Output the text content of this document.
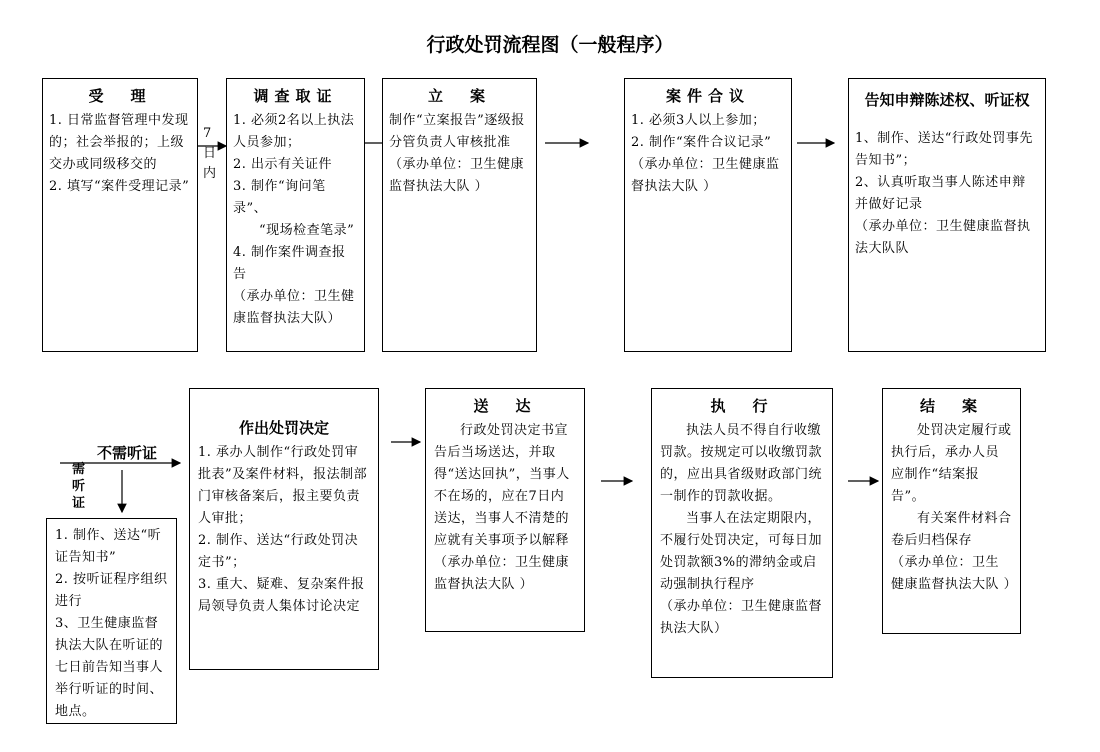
行政处罚流程图（一般程序）
受　理
1. 日常监督管理中发现的；社会举报的；上级交办或同级移交的
2. 填写“案件受理记录”
7日内
调查取证
1. 必须2名以上执法人员参加；
2. 出示有关证件
3. 制作“询问笔录”、
“现场检查笔录”
4. 制作案件调查报告
（承办单位：卫生健康监督执法大队）
立　案
制作“立案报告”逐级报分管负责人审核批准
（承办单位：卫生健康监督执法大队 ）
案件合议
1. 必须3人以上参加；
2. 制作“案件合议记录”
（承办单位：卫生健康监督执法大队 ）
告知申辩陈述权、听证权
1、制作、送达“行政处罚事先告知书”；
2、认真听取当事人陈述申辩并做好记录
（承办单位：卫生健康监督执法大队队
不需听证
需听证
1. 制作、送达“听证告知书”
2. 按听证程序组织进行
3、卫生健康监督执法大队在听证的七日前告知当事人举行听证的时间、地点。
作出处罚决定
1. 承办人制作“行政处罚审批表”及案件材料，报法制部门审核备案后，报主要负责人审批；
2. 制作、送达“行政处罚决定书”；
3. 重大、疑难、复杂案件报局领导负责人集体讨论决定
送　达
行政处罚决定书宣告后当场送达，并取得“送达回执”，当事人不在场的，应在7日内送达，当事人不清楚的应就有关事项予以解释
（承办单位：卫生健康监督执法大队 ）
执　行
执法人员不得自行收缴罚款。按规定可以收缴罚款的，应出具省级财政部门统一制作的罚款收据。
当事人在法定期限内，不履行处罚决定，可每日加处罚款额3%的滞纳金或启动强制执行程序
（承办单位：卫生健康监督执法大队）
结　案
处罚决定履行或执行后，承办人员应制作“结案报告”。
有关案件材料合卷后归档保存
（承办单位：卫生健康监督执法大队 ）
